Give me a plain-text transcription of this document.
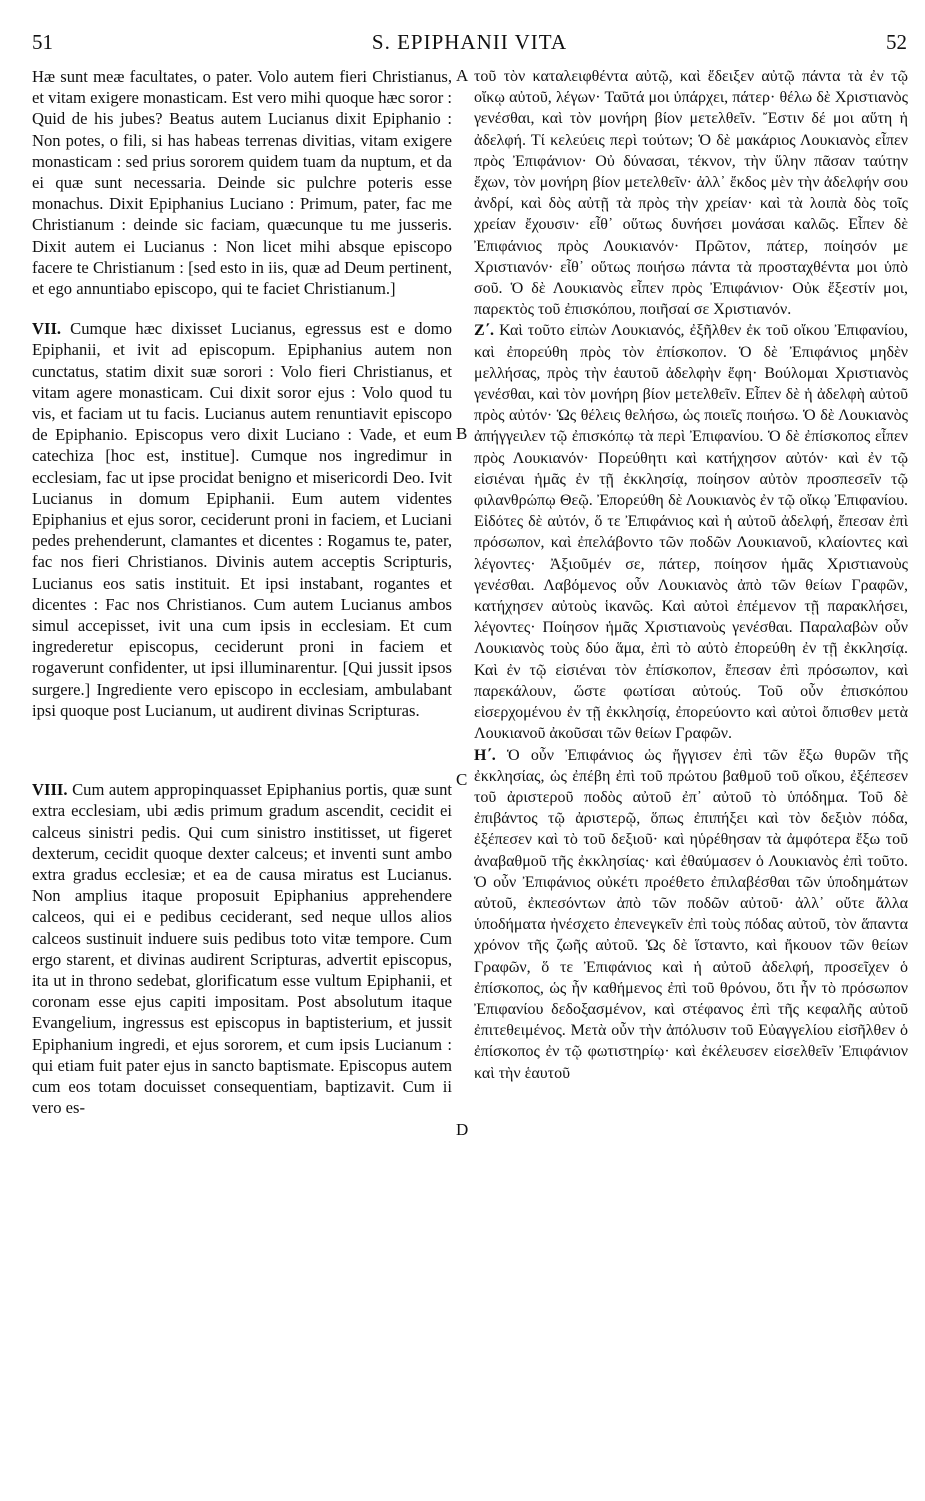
51	S. EPIPHANII VITA	52
A
B
C
D

Hæ sunt meæ facultates, o pater. Volo autem fieri Christianus, et vitam exigere monasticam. Est vero mihi quoque hæc soror : Quid de his jubes? Beatus autem Lucianus dixit Epiphanio : Non potes, o fili, si has habeas terrenas divitias, vitam exigere monasticam : sed prius sororem quidem tuam da nuptum, et da ei quæ sunt necessaria. Deinde sic pulchre poteris esse monachus. Dixit Epiphanius Luciano : Primum, pater, fac me Christianum : deinde sic faciam, quæcunque tu me jusseris. Dixit autem ei Lucianus : Non licet mihi absque episcopo facere te Christianum : [sed esto in iis, quæ ad Deum pertinent, et ego annuntiabo episcopo, qui te faciet Christianum.]

VII. Cumque hæc dixisset Lucianus, egressus est e domo Epiphanii, et ivit ad episcopum. Epiphanius autem non cunctatus, statim dixit suæ sorori : Volo fieri Christianus, et vitam agere monasticam. Cui dixit soror ejus : Volo quod tu vis, et faciam ut tu facis. Lucianus autem renuntiavit episcopo de Epiphanio. Episcopus vero dixit Luciano : Vade, et eum catechiza [hoc est, institue]. Cumque nos ingredimur in ecclesiam, fac ut ipse procidat benigno et misericordi Deo. Ivit Lucianus in domum Epiphanii. Eum autem videntes Epiphanius et ejus soror, ceciderunt proni in faciem, et Luciani pedes prehenderunt, clamantes et dicentes : Rogamus te, pater, fac nos fieri Christianos. Divinis autem acceptis Scripturis, Lucianus eos satis instituit. Et ipsi instabant, rogantes et dicentes : Fac nos Christianos. Cum autem Lucianus ambos simul accepisset, ivit una cum ipsis in ecclesiam. Et cum ingrederetur episcopus, ceciderunt proni in faciem et rogaverunt confidenter, ut ipsi illuminarentur. [Qui jussit ipsos surgere.] Ingrediente vero episcopo in ecclesiam, ambulabant ipsi quoque post Lucianum, ut audirent divinas Scripturas.

VIII. Cum autem appropinquasset Epiphanius portis, quæ sunt extra ecclesiam, ubi ædis primum gradum ascendit, cecidit ei calceus sinistri pedis. Qui cum sinistro institisset, ut figeret dexterum, cecidit quoque dexter calceus; et inventi sunt ambo extra gradus ecclesiæ; et ea de causa miratus est Lucianus. Non amplius itaque proposuit Epiphanius apprehendere calceos, qui ei e pedibus ceciderant, sed neque ullos alios calceos sustinuit induere suis pedibus toto vitæ tempore. Cum ergo starent, et divinas audirent Scripturas, advertit episcopus, ita ut in throno sedebat, glorificatum esse vultum Epiphanii, et coronam esse ejus capiti impositam. Post absolutum itaque Evangelium, ingressus est episcopus in baptisterium, et jussit Epiphanium ingredi, et ejus sororem, et cum ipsis Lucianum : qui etiam fuit pater ejus in sancto baptismate. Episcopus autem cum eos totam docuisset consequentiam, baptizavit. Cum ii vero es-

τοῦ τὸν καταλειφθέντα αὐτῷ, καὶ ἔδειξεν αὐτῷ πάντα τὰ ἐν τῷ οἴκῳ αὐτοῦ, λέγων· Ταῦτά μοι ὑπάρχει, πάτερ· θέλω δὲ Χριστιανὸς γενέσθαι, καὶ τὸν μονήρη βίον μετελθεῖν. Ἔστιν δέ μοι αὕτη ἡ ἀδελφή. Τί κελεύεις περὶ τούτων; Ὁ δὲ μακάριος Λουκιανὸς εἶπεν πρὸς Ἐπιφάνιον· Οὐ δύνασαι, τέκνον, τὴν ὕλην πᾶσαν ταύτην ἔχων, τὸν μονήρη βίον μετελθεῖν· ἀλλ᾽ ἔκδος μὲν τὴν ἀδελφήν σου ἀνδρί, καὶ δὸς αὐτῇ τὰ πρὸς τὴν χρείαν· καὶ τὰ λοιπὰ δὸς τοῖς χρείαν ἔχουσιν· εἶθ᾽ οὕτως δυνήσει μονάσαι καλῶς. Εἶπεν δὲ Ἐπιφάνιος πρὸς Λουκιανόν· Πρῶτον, πάτερ, ποίησόν με Χριστιανόν· εἶθ᾽ οὕτως ποιήσω πάντα τὰ προσταχθέντα μοι ὑπὸ σοῦ. Ὁ δὲ Λουκιανὸς εἶπεν πρὸς Ἐπιφάνιον· Οὐκ ἔξεστίν μοι, παρεκτὸς τοῦ ἐπισκόπου, ποιῆσαί σε Χριστιανόν.

Ζ΄. Καὶ τοῦτο εἰπὼν Λουκιανός, ἐξῆλθεν ἐκ τοῦ οἴκου Ἐπιφανίου, καὶ ἐπορεύθη πρὸς τὸν ἐπίσκοπον. Ὁ δὲ Ἐπιφάνιος μηδὲν μελλήσας, πρὸς τὴν ἑαυτοῦ ἀδελφὴν ἔφη· Βούλομαι Χριστιανὸς γενέσθαι, καὶ τὸν μονήρη βίον μετελθεῖν. Εἶπεν δὲ ἡ ἀδελφὴ αὐτοῦ πρὸς αὐτόν· Ὡς θέλεις θελήσω, ὡς ποιεῖς ποιήσω. Ὁ δὲ Λουκιανὸς ἀπήγγειλεν τῷ ἐπισκόπῳ τὰ περὶ Ἐπιφανίου. Ὁ δὲ ἐπίσκοπος εἶπεν πρὸς Λουκιανόν· Πορεύθητι καὶ κατήχησον αὐτόν· καὶ ἐν τῷ εἰσιέναι ἡμᾶς ἐν τῇ ἐκκλησίᾳ, ποίησον αὐτὸν προσπεσεῖν τῷ φιλανθρώπῳ Θεῷ. Ἐπορεύθη δὲ Λουκιανὸς ἐν τῷ οἴκῳ Ἐπιφανίου. Εἰδότες δὲ αὐτόν, ὅ τε Ἐπιφάνιος καὶ ἡ αὐτοῦ ἀδελφή, ἔπεσαν ἐπὶ πρόσωπον, καὶ ἐπελάβοντο τῶν ποδῶν Λουκιανοῦ, κλαίοντες καὶ λέγοντες· Ἀξιοῦμέν σε, πάτερ, ποίησον ἡμᾶς Χριστιανοὺς γενέσθαι. Λαβόμενος οὖν Λουκιανὸς ἀπὸ τῶν θείων Γραφῶν, κατήχησεν αὐτοὺς ἱκανῶς. Καὶ αὐτοὶ ἐπέμενον τῇ παρακλήσει, λέγοντες· Ποίησον ἡμᾶς Χριστιανοὺς γενέσθαι. Παραλαβὼν οὖν Λουκιανὸς τοὺς δύο ἅμα, ἐπὶ τὸ αὐτὸ ἐπορεύθη ἐν τῇ ἐκκλησίᾳ. Καὶ ἐν τῷ εἰσιέναι τὸν ἐπίσκοπον, ἔπεσαν ἐπὶ πρόσωπον, καὶ παρεκάλουν, ὥστε φωτίσαι αὐτούς. Τοῦ οὖν ἐπισκόπου εἰσερχομένου ἐν τῇ ἐκκλησίᾳ, ἐπορεύοντο καὶ αὐτοὶ ὄπισθεν μετὰ Λουκιανοῦ ἀκοῦσαι τῶν θείων Γραφῶν.

Η΄. Ὁ οὖν Ἐπιφάνιος ὡς ἤγγισεν ἐπὶ τῶν ἔξω θυρῶν τῆς ἐκκλησίας, ὡς ἐπέβη ἐπὶ τοῦ πρώτου βαθμοῦ τοῦ οἴκου, ἐξέπεσεν τοῦ ἀριστεροῦ ποδὸς αὐτοῦ ἐπ᾽ αὐτοῦ τὸ ὑπόδημα. Τοῦ δὲ ἐπιβάντος τῷ ἀριστερῷ, ὅπως ἐπιπήξει καὶ τὸν δεξιὸν πόδα, ἐξέπεσεν καὶ τὸ τοῦ δεξιοῦ· καὶ ηὑρέθησαν τὰ ἀμφότερα ἔξω τοῦ ἀναβαθμοῦ τῆς ἐκκλησίας· καὶ ἐθαύμασεν ὁ Λουκιανὸς ἐπὶ τοῦτο. Ὁ οὖν Ἐπιφάνιος οὐκέτι προέθετο ἐπιλαβέσθαι τῶν ὑποδημάτων αὐτοῦ, ἐκπεσόντων ἀπὸ τῶν ποδῶν αὐτοῦ· ἀλλ᾽ οὔτε ἄλλα ὑποδήματα ἠνέσχετο ἐπενεγκεῖν ἐπὶ τοὺς πόδας αὐτοῦ, τὸν ἅπαντα χρόνον τῆς ζωῆς αὐτοῦ. Ὡς δὲ ἵσταντο, καὶ ἤκουον τῶν θείων Γραφῶν, ὅ τε Ἐπιφάνιος καὶ ἡ αὐτοῦ ἀδελφή, προσεῖχεν ὁ ἐπίσκοπος, ὡς ἦν καθήμενος ἐπὶ τοῦ θρόνου, ὅτι ἦν τὸ πρόσωπον Ἐπιφανίου δεδοξασμένον, καὶ στέφανος ἐπὶ τῆς κεφαλῆς αὐτοῦ ἐπιτεθειμένος. Μετὰ οὖν τὴν ἀπόλυσιν τοῦ Εὐαγγελίου εἰσῆλθεν ὁ ἐπίσκοπος ἐν τῷ φωτιστηρίῳ· καὶ ἐκέλευσεν εἰσελθεῖν Ἐπιφάνιον καὶ τὴν ἑαυτοῦ
